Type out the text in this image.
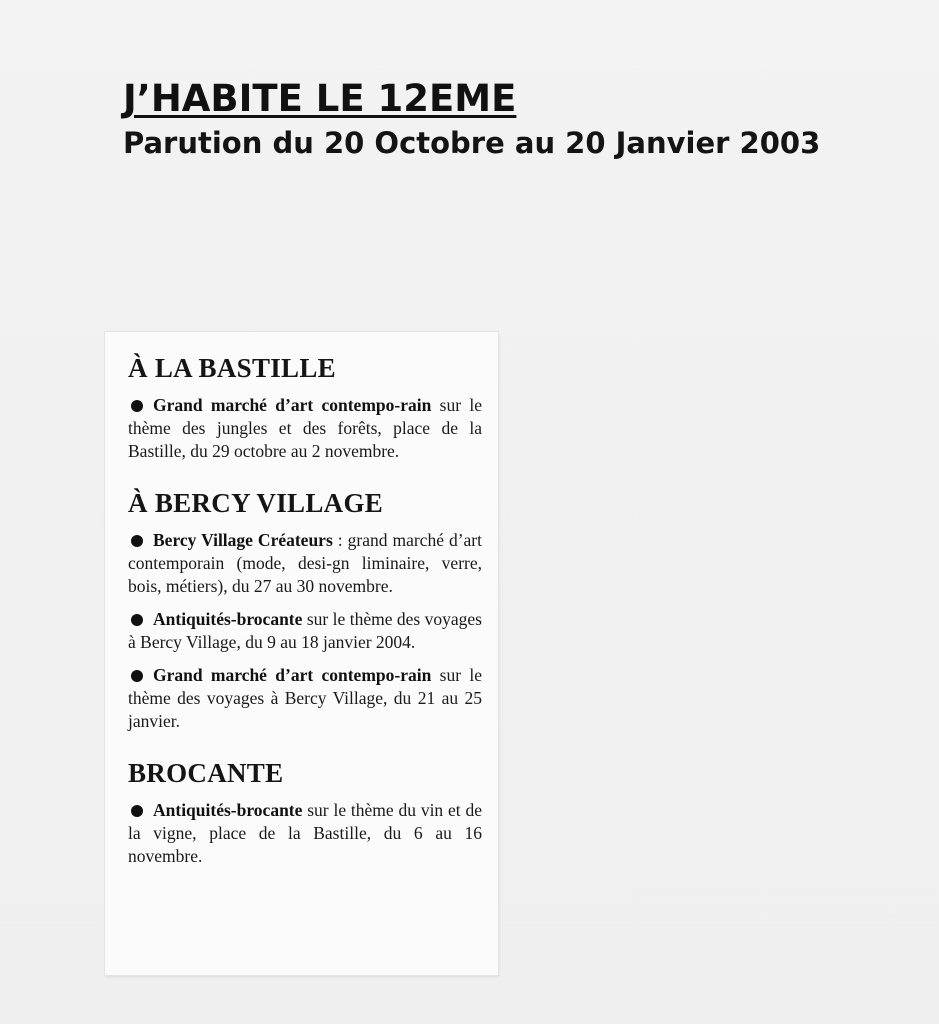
J’HABITE LE 12EME
Parution du 20 Octobre au 20 Janvier 2003
À LA BASTILLE
Grand marché d’art contempo-rain sur le thème des jungles et des forêts, place de la Bastille, du 29 octobre au 2 novembre.
À BERCY VILLAGE
Bercy Village Créateurs : grand marché d’art contemporain (mode, desi-gn liminaire, verre, bois, métiers), du 27 au 30 novembre.
Antiquités-brocante sur le thème des voyages à Bercy Village, du 9 au 18 janvier 2004.
Grand marché d’art contempo-rain sur le thème des voyages à Bercy Village, du 21 au 25 janvier.
BROCANTE
Antiquités-brocante sur le thème du vin et de la vigne, place de la Bastille, du 6 au 16 novembre.
